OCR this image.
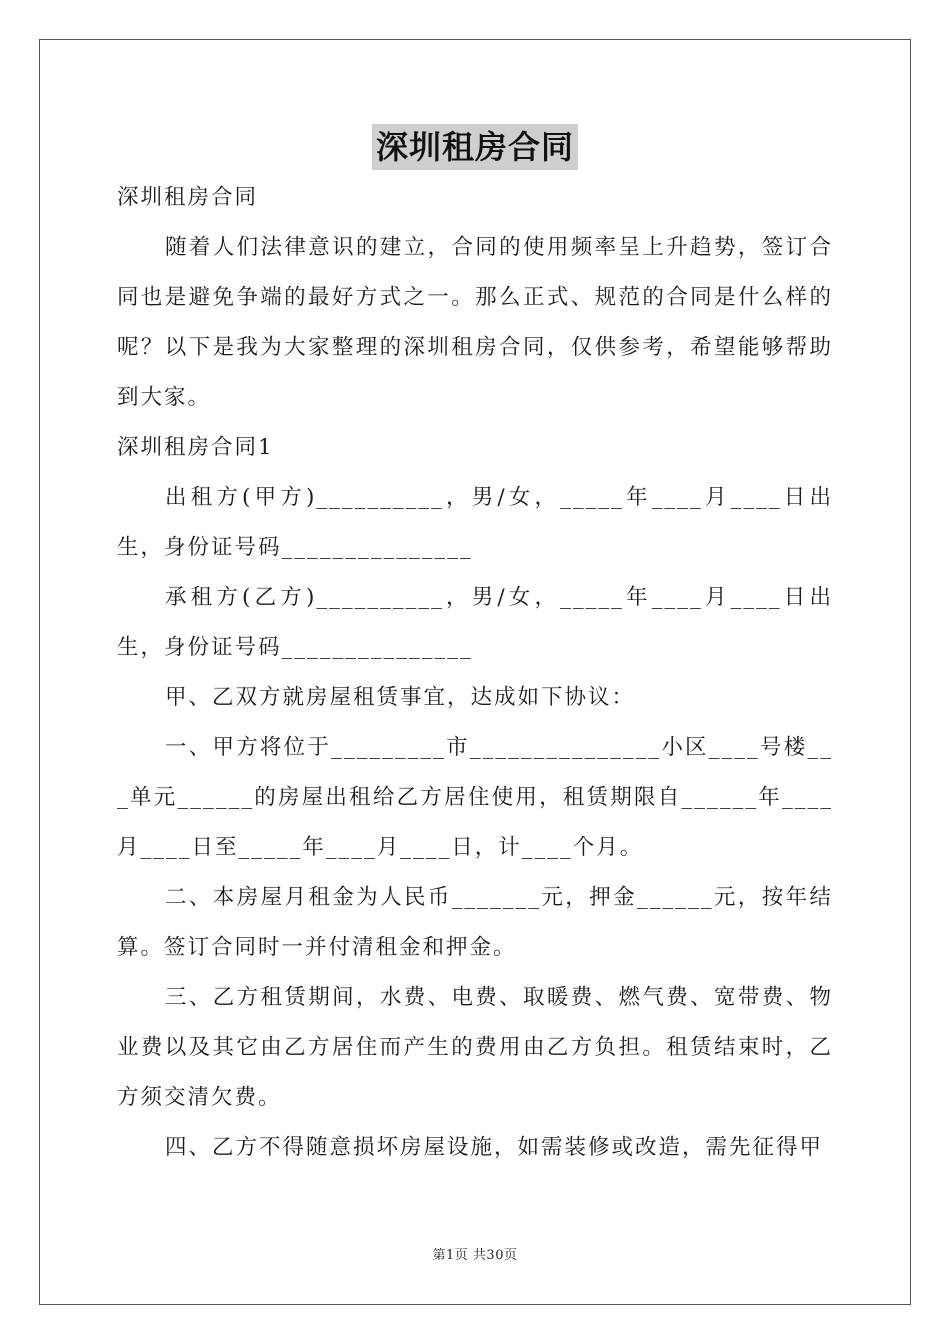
深圳租房合同

深圳租房合同

随着人们法律意识的建立，合同的使用频率呈上升趋势，签订合同也是避免争端的最好方式之一。那么正式、规范的合同是什么样的呢？以下是我为大家整理的深圳租房合同，仅供参考，希望能够帮助到大家。

深圳租房合同1

出租方(甲方)__________，男/女，_____年____月____日出生，身份证号码_______________

承租方(乙方)__________，男/女，_____年____月____日出生，身份证号码_______________

甲、乙双方就房屋租赁事宜，达成如下协议：

一、甲方将位于_________市_______________小区____号楼___单元______的房屋出租给乙方居住使用，租赁期限自______年____月____日至_____年____月____日，计____个月。

二、本房屋月租金为人民币_______元，押金______元，按年结算。签订合同时一并付清租金和押金。

三、乙方租赁期间，水费、电费、取暖费、燃气费、宽带费、物业费以及其它由乙方居住而产生的费用由乙方负担。租赁结束时，乙方须交清欠费。

四、乙方不得随意损坏房屋设施，如需装修或改造，需先征得甲

第1页 共30页
